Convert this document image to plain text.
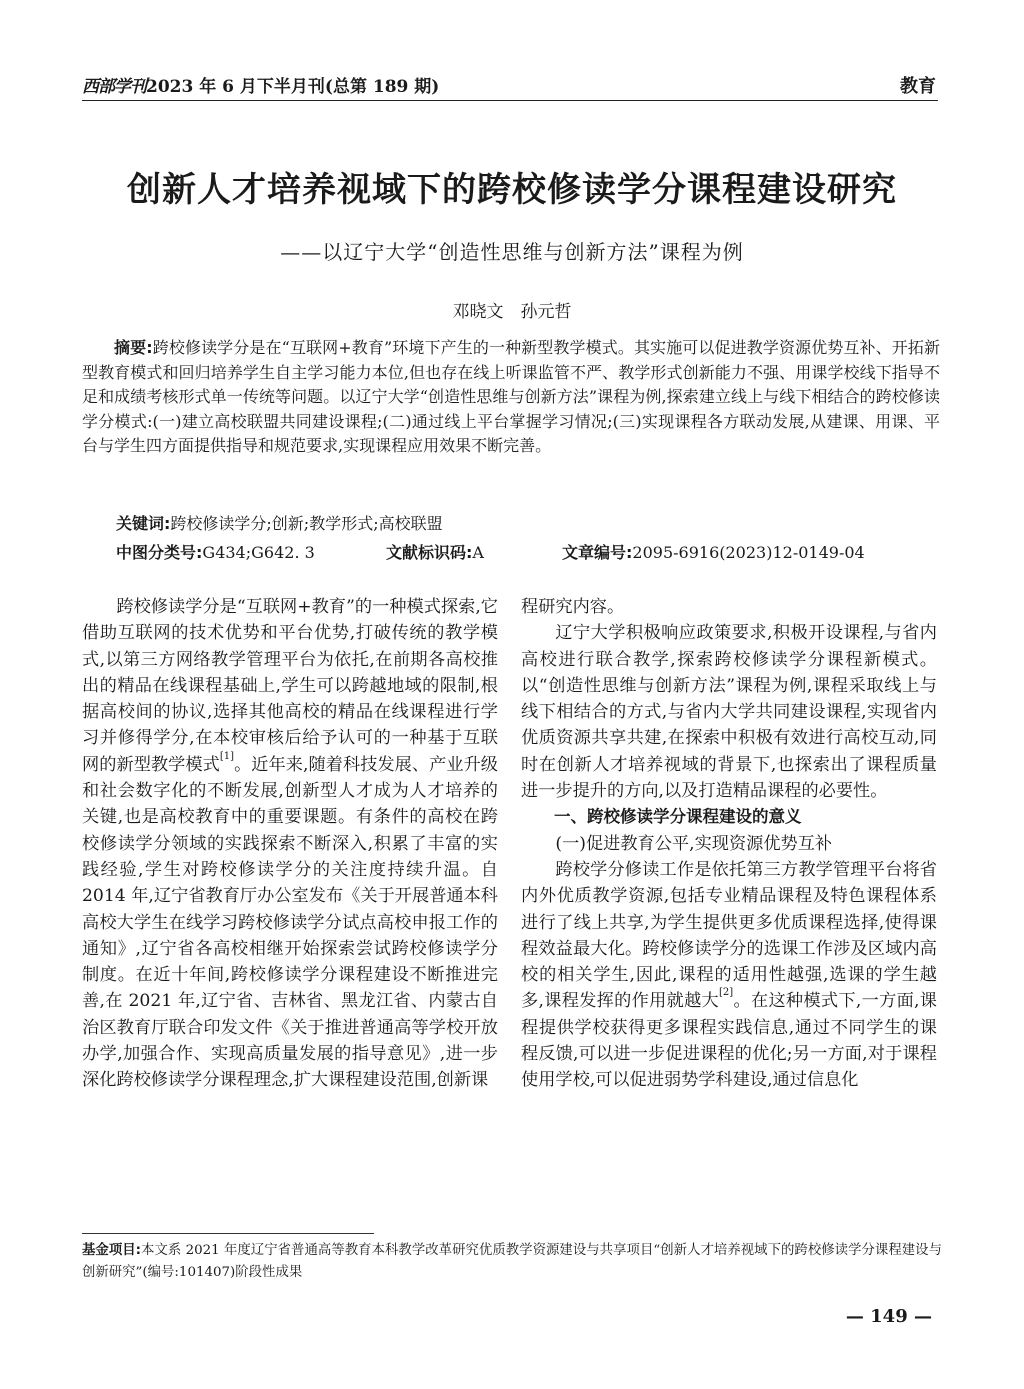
西部学刊2023 年 6 月下半月刊(总第 189 期)	教育
创新人才培养视域下的跨校修读学分课程建设研究
——以辽宁大学“创造性思维与创新方法”课程为例
邓晓文　孙元哲

摘要:跨校修读学分是在“互联网+教育”环境下产生的一种新型教学模式。其实施可以促进教学资源优势互补、开拓新型教育模式和回归培养学生自主学习能力本位,但也存在线上听课监管不严、教学形式创新能力不强、用课学校线下指导不足和成绩考核形式单一传统等问题。以辽宁大学“创造性思维与创新方法”课程为例,探索建立线上与线下相结合的跨校修读学分模式:(一)建立高校联盟共同建设课程;(二)通过线上平台掌握学习情况;(三)实现课程各方联动发展,从建课、用课、平台与学生四方面提供指导和规范要求,实现课程应用效果不断完善。

关键词:跨校修读学分;创新;教学形式;高校联盟
中图分类号:G434;G642. 3	文献标识码:A	文章编号:2095-6916(2023)12-0149-04

跨校修读学分是“互联网+教育”的一种模式探索,它借助互联网的技术优势和平台优势,打破传统的教学模式,以第三方网络教学管理平台为依托,在前期各高校推出的精品在线课程基础上,学生可以跨越地域的限制,根据高校间的协议,选择其他高校的精品在线课程进行学习并修得学分,在本校审核后给予认可的一种基于互联网的新型教学模式[1]。近年来,随着科技发展、产业升级和社会数字化的不断发展,创新型人才成为人才培养的关键,也是高校教育中的重要课题。有条件的高校在跨校修读学分领域的实践探索不断深入,积累了丰富的实践经验,学生对跨校修读学分的关注度持续升温。自 2014 年,辽宁省教育厅办公室发布《关于开展普通本科高校大学生在线学习跨校修读学分试点高校申报工作的通知》,辽宁省各高校相继开始探索尝试跨校修读学分制度。在近十年间,跨校修读学分课程建设不断推进完善,在 2021 年,辽宁省、吉林省、黑龙江省、内蒙古自治区教育厅联合印发文件《关于推进普通高等学校开放办学,加强合作、实现高质量发展的指导意见》,进一步深化跨校修读学分课程理念,扩大课程建设范围,创新课

程研究内容。

辽宁大学积极响应政策要求,积极开设课程,与省内高校进行联合教学,探索跨校修读学分课程新模式。以“创造性思维与创新方法”课程为例,课程采取线上与线下相结合的方式,与省内大学共同建设课程,实现省内优质资源共享共建,在探索中积极有效进行高校互动,同时在创新人才培养视域的背景下,也探索出了课程质量进一步提升的方向,以及打造精品课程的必要性。

一、跨校修读学分课程建设的意义

(一)促进教育公平,实现资源优势互补

跨校学分修读工作是依托第三方教学管理平台将省内外优质教学资源,包括专业精品课程及特色课程体系进行了线上共享,为学生提供更多优质课程选择,使得课程效益最大化。跨校修读学分的选课工作涉及区域内高校的相关学生,因此,课程的适用性越强,选课的学生越多,课程发挥的作用就越大[2]。在这种模式下,一方面,课程提供学校获得更多课程实践信息,通过不同学生的课程反馈,可以进一步促进课程的优化;另一方面,对于课程使用学校,可以促进弱势学科建设,通过信息化

基金项目:本文系 2021 年度辽宁省普通高等教育本科教学改革研究优质教学资源建设与共享项目“创新人才培养视域下的跨校修读学分课程建设与创新研究”(编号:101407)阶段性成果
— 149 —
